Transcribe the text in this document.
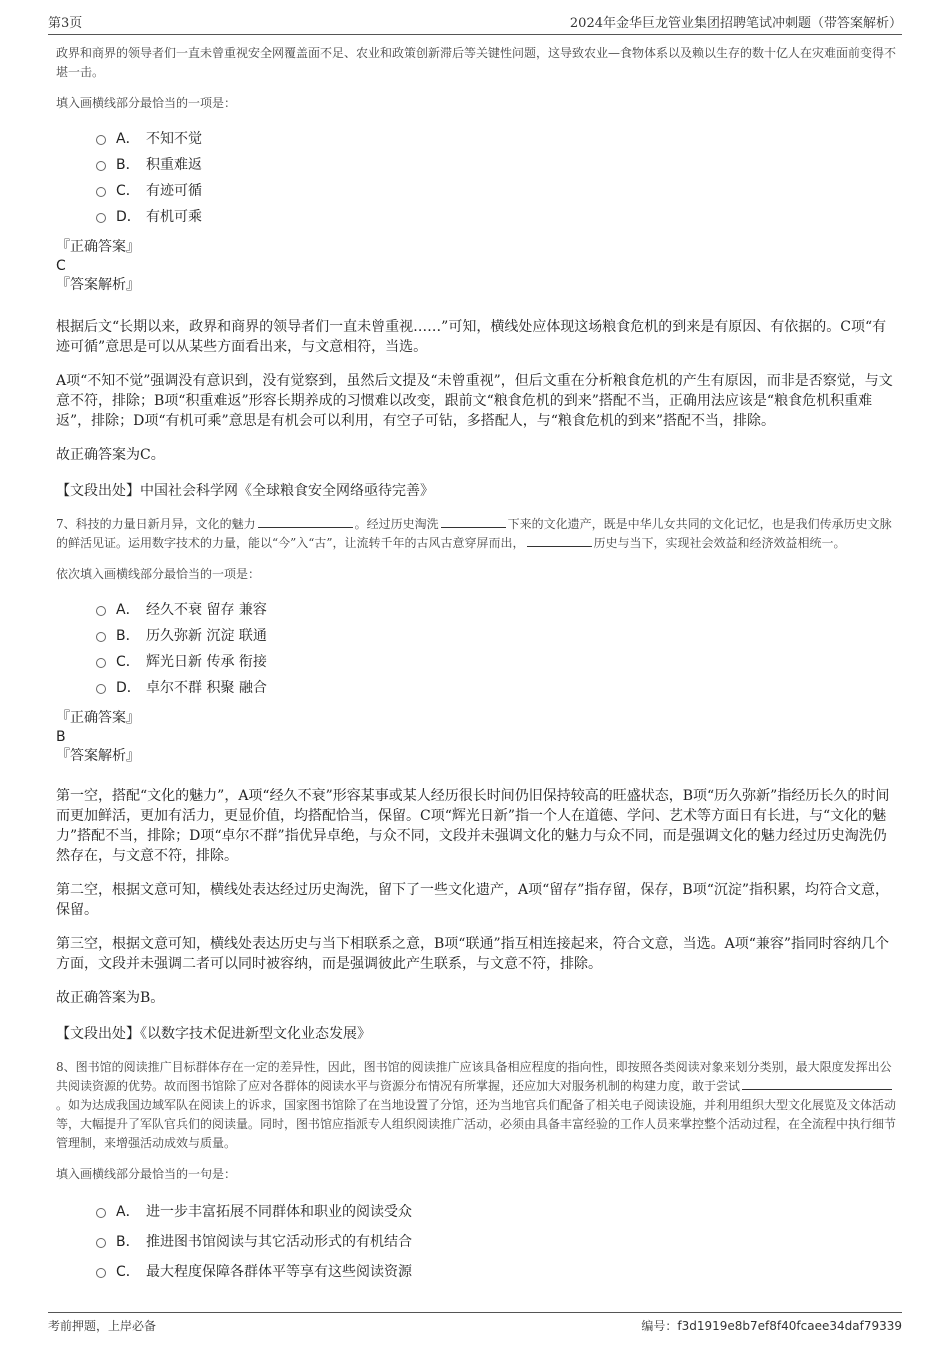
第3页	2024年金华巨龙管业集团招聘笔试冲刺题（带答案解析）

政界和商界的领导者们一直未曾重视安全网覆盖面不足、农业和政策创新滞后等关键性问题，这导致农业—食物体系以及赖以生存的数十亿人在灾难面前变得不堪一击。

填入画横线部分最恰当的一项是：

A． 不知不觉
B． 积重难返
C． 有迹可循
D． 有机可乘
『正确答案』
C
『答案解析』

根据后文“长期以来，政界和商界的领导者们一直未曾重视……”可知，横线处应体现这场粮食危机的到来是有原因、有依据的。C项“有迹可循”意思是可以从某些方面看出来，与文意相符，当选。

A项“不知不觉”强调没有意识到，没有觉察到，虽然后文提及“未曾重视”，但后文重在分析粮食危机的产生有原因，而非是否察觉，与文意不符，排除；B项“积重难返”形容长期养成的习惯难以改变，跟前文“粮食危机的到来”搭配不当，正确用法应该是“粮食危机积重难返”，排除；D项“有机可乘”意思是有机会可以利用，有空子可钻，多搭配人，与“粮食危机的到来”搭配不当，排除。

故正确答案为C。

【文段出处】中国社会科学网《全球粮食安全网络亟待完善》

7、科技的力量日新月异，文化的魅力	。经过历史淘洗	下来的文化遗产，既是中华儿女共同的文化记忆，也是我们传承历史文脉的鲜活见证。运用数字技术的力量，能以“今”入“古”，让流转千年的古风古意穿屏而出，	历史与当下，实现社会效益和经济效益相统一。

依次填入画横线部分最恰当的一项是：

A． 经久不衰 留存 兼容
B． 历久弥新 沉淀 联通
C． 辉光日新 传承 衔接
D． 卓尔不群 积聚 融合
『正确答案』
B
『答案解析』

第一空，搭配“文化的魅力”，A项“经久不衰”形容某事或某人经历很长时间仍旧保持较高的旺盛状态，B项“历久弥新”指经历长久的时间而更加鲜活，更加有活力，更显价值，均搭配恰当，保留。C项“辉光日新”指一个人在道德、学问、艺术等方面日有长进，与“文化的魅力”搭配不当，排除；D项“卓尔不群”指优异卓绝，与众不同，文段并未强调文化的魅力与众不同，而是强调文化的魅力经过历史淘洗仍然存在，与文意不符，排除。

第二空，根据文意可知，横线处表达经过历史淘洗，留下了一些文化遗产，A项“留存”指存留，保存，B项“沉淀”指积累，均符合文意，保留。

第三空，根据文意可知，横线处表达历史与当下相联系之意，B项“联通”指互相连接起来，符合文意，当选。A项“兼容”指同时容纳几个方面，文段并未强调二者可以同时被容纳，而是强调彼此产生联系，与文意不符，排除。

故正确答案为B。

【文段出处】《以数字技术促进新型文化业态发展》

8、图书馆的阅读推广目标群体存在一定的差异性，因此，图书馆的阅读推广应该具备相应程度的指向性，即按照各类阅读对象来划分类别，最大限度发挥出公共阅读资源的优势。故而图书馆除了应对各群体的阅读水平与资源分布情况有所掌握，还应加大对服务机制的构建力度，敢于尝试。如为达成我国边域军队在阅读上的诉求，国家图书馆除了在当地设置了分馆，还为当地官兵们配备了相关电子阅读设施，并利用组织大型文化展览及文体活动等，大幅提升了军队官兵们的阅读量。同时，图书馆应指派专人组织阅读推广活动，必须由具备丰富经验的工作人员来掌控整个活动过程，在全流程中执行细节管理制，来增强活动成效与质量。

填入画横线部分最恰当的一句是：

A． 进一步丰富拓展不同群体和职业的阅读受众
B． 推进图书馆阅读与其它活动形式的有机结合
C． 最大程度保障各群体平等享有这些阅读资源
考前押题，上岸必备	编号：f3d1919e8b7ef8f40fcaee34daf79339
